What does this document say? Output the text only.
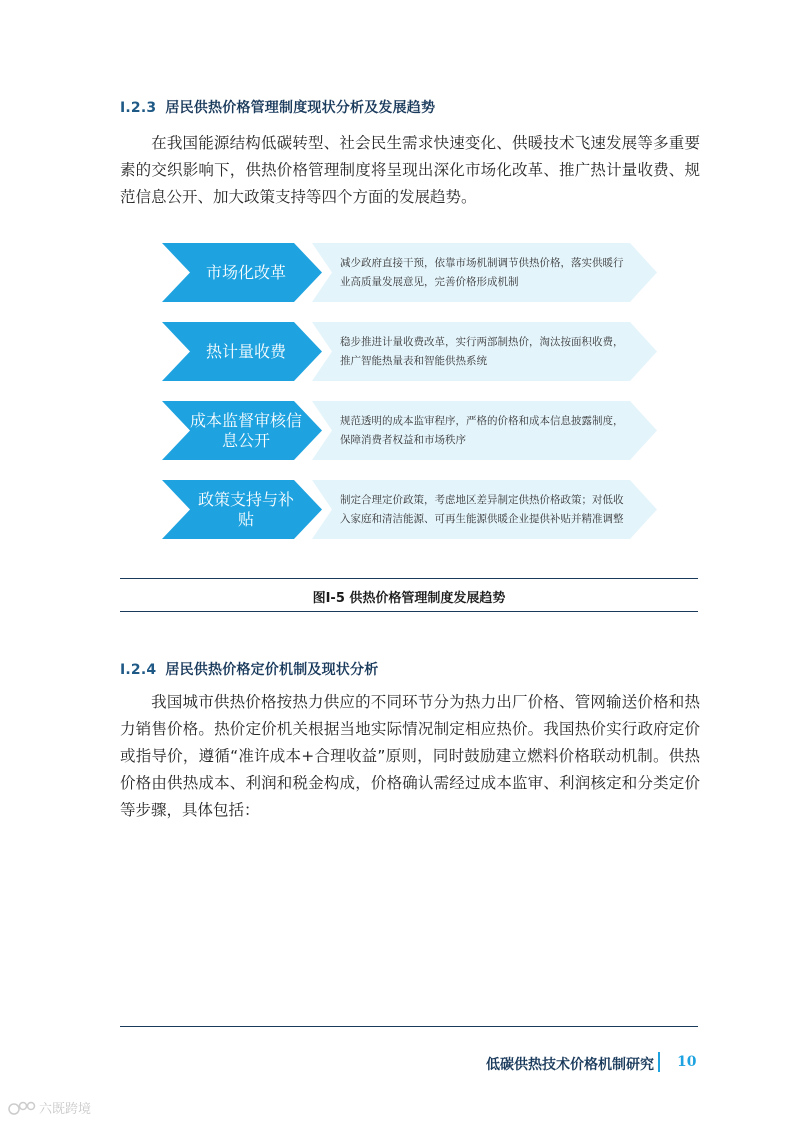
I.2.3 居民供热价格管理制度现状分析及发展趋势
在我国能源结构低碳转型、社会民生需求快速变化、供暖技术飞速发展等多重要素的交织影响下，供热价格管理制度将呈现出深化市场化改革、推广热计量收费、规范信息公开、加大政策支持等四个方面的发展趋势。
减少政府直接干预，依靠市场机制调节供热价格，落实供暖行业高质量发展意见，完善价格形成机制
市场化改革
稳步推进计量收费改革，实行两部制热价，淘汰按面积收费，推广智能热量表和智能供热系统
热计量收费
规范透明的成本监审程序，严格的价格和成本信息披露制度，保障消费者权益和市场秩序
成本监督审核信息公开
制定合理定价政策，考虑地区差异制定供热价格政策；对低收入家庭和清洁能源、可再生能源供暖企业提供补贴并精准调整
政策支持与补贴
图I-5 供热价格管理制度发展趋势
I.2.4 居民供热价格定价机制及现状分析
我国城市供热价格按热力供应的不同环节分为热力出厂价格、管网输送价格和热力销售价格。热价定价机关根据当地实际情况制定相应热价。我国热价实行政府定价或指导价，遵循“准许成本+合理收益”原则，同时鼓励建立燃料价格联动机制。供热价格由供热成本、利润和税金构成，价格确认需经过成本监审、利润核定和分类定价等步骤，具体包括：
低碳供热技术价格机制研究 10
六既跨境
